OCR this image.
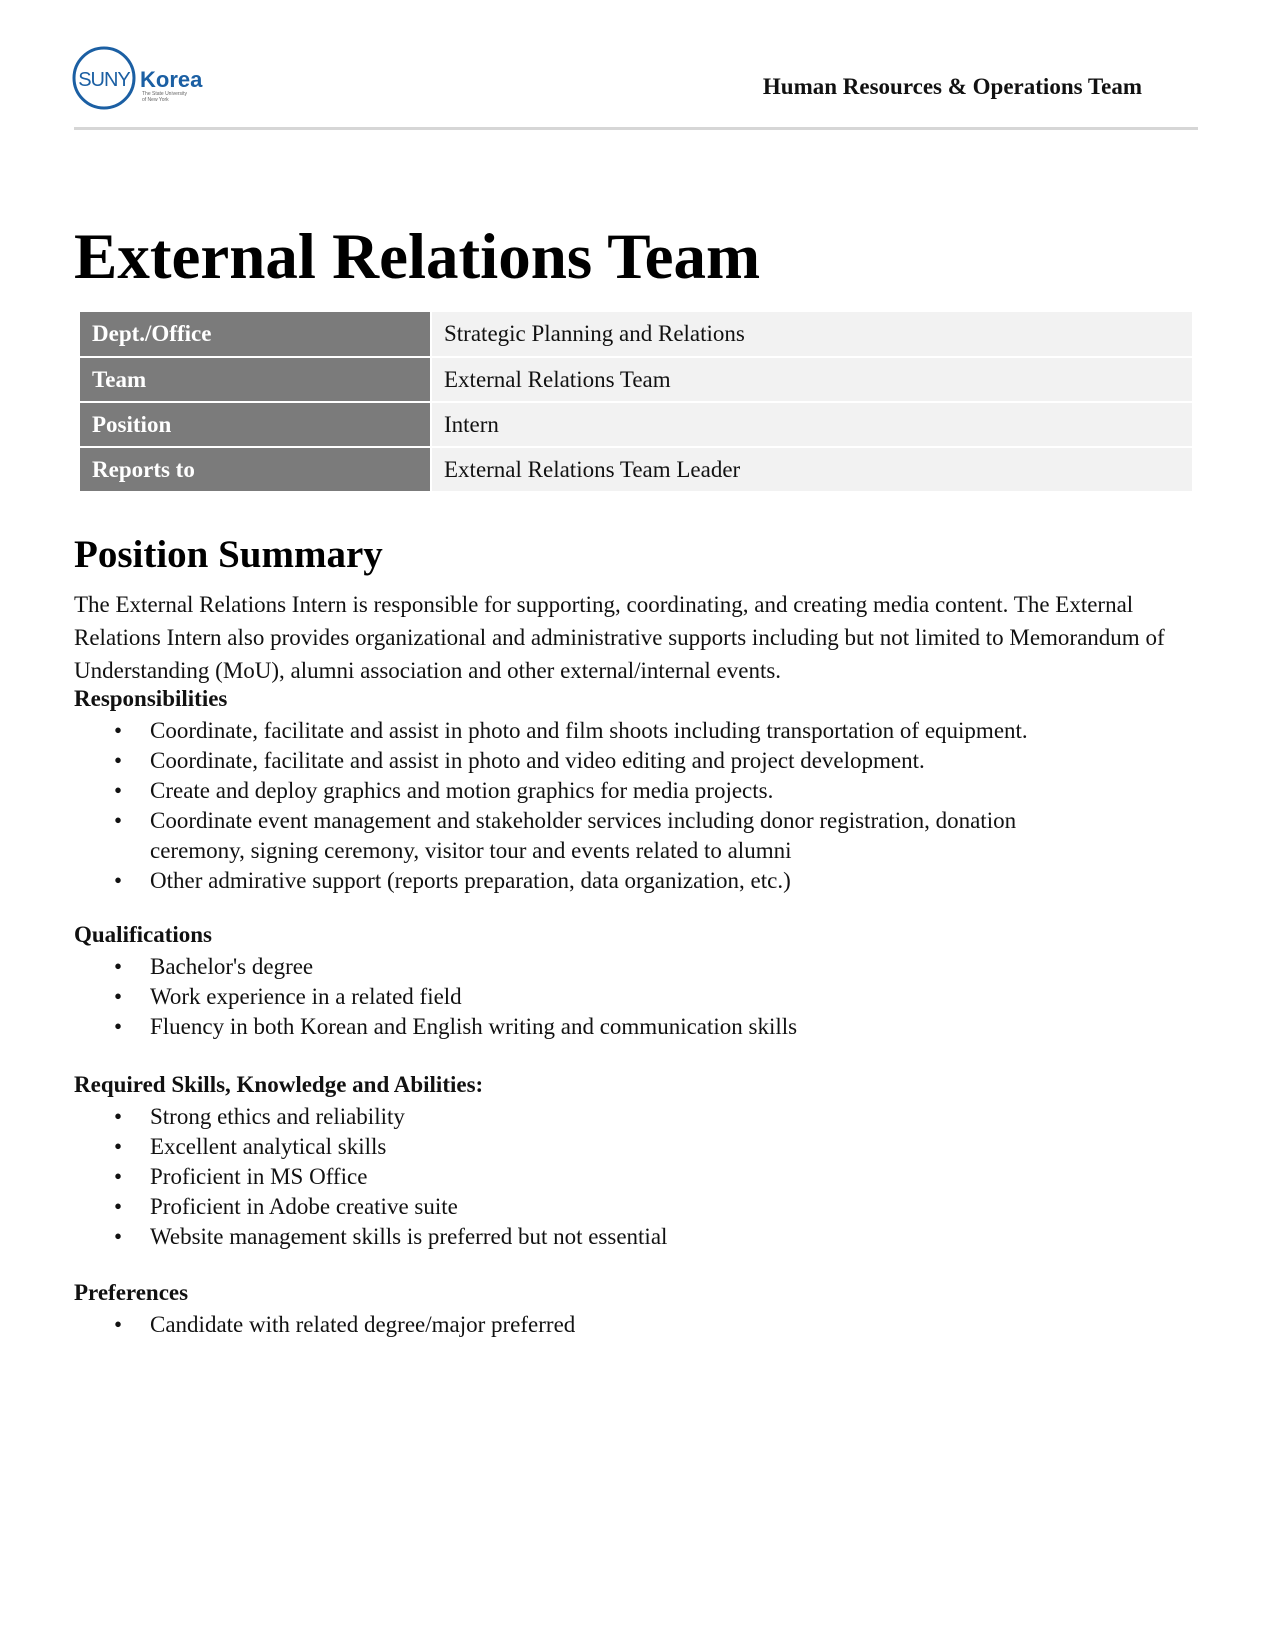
SUNY Korea
The State University
of New York
Human Resources & Operations Team
External Relations Team
Dept./Office	Strategic Planning and Relations
Team	External Relations Team
Position	Intern
Reports to	External Relations Team Leader
Position Summary

The External Relations Intern is responsible for supporting, coordinating, and creating media content. The External Relations Intern also provides organizational and administrative supports including but not limited to Memorandum of Understanding (MoU), alumni association and other external/internal events.

Responsibilities
• Coordinate, facilitate and assist in photo and film shoots including transportation of equipment.
• Coordinate, facilitate and assist in photo and video editing and project development.
• Create and deploy graphics and motion graphics for media projects.
• Coordinate event management and stakeholder services including donor registration, donation ceremony, signing ceremony, visitor tour and events related to alumni
• Other admirative support (reports preparation, data organization, etc.)
Qualifications
• Bachelor's degree
• Work experience in a related field
• Fluency in both Korean and English writing and communication skills
Required Skills, Knowledge and Abilities:
• Strong ethics and reliability
• Excellent analytical skills
• Proficient in MS Office
• Proficient in Adobe creative suite
• Website management skills is preferred but not essential
Preferences
• Candidate with related degree/major preferred
